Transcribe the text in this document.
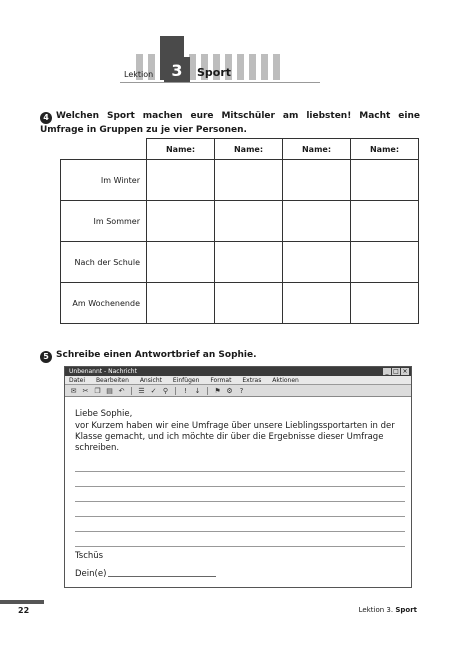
Lektion	3	Sport
4 Welchen Sport machen eure Mitschüler am liebsten! Macht eine Umfrage in Gruppen zu je vier Personen.
	Name:	Name:	Name:	Name:
Im Winter				
Im Sommer				
Nach der Schule				
Am Wochenende				
5 Schreibe einen Antwortbrief an Sophie.
Unbenannt - Nachricht	_ □ ×
Datei Bearbeiten Ansicht Einfügen Format Extras Aktionen
✉ ✂ ❐ ▤ ↶ ☰ ✓ ⚲	!	↓ ⚑ ⚙	?
Liebe Sophie,
vor Kurzem haben wir eine Umfrage über unsere Lieblingssportarten in der Klasse gemacht, und ich möchte dir über die Ergebnisse dieser Umfrage schreiben.
Tschüs
Dein(e)
22	Lektion 3. Sport
